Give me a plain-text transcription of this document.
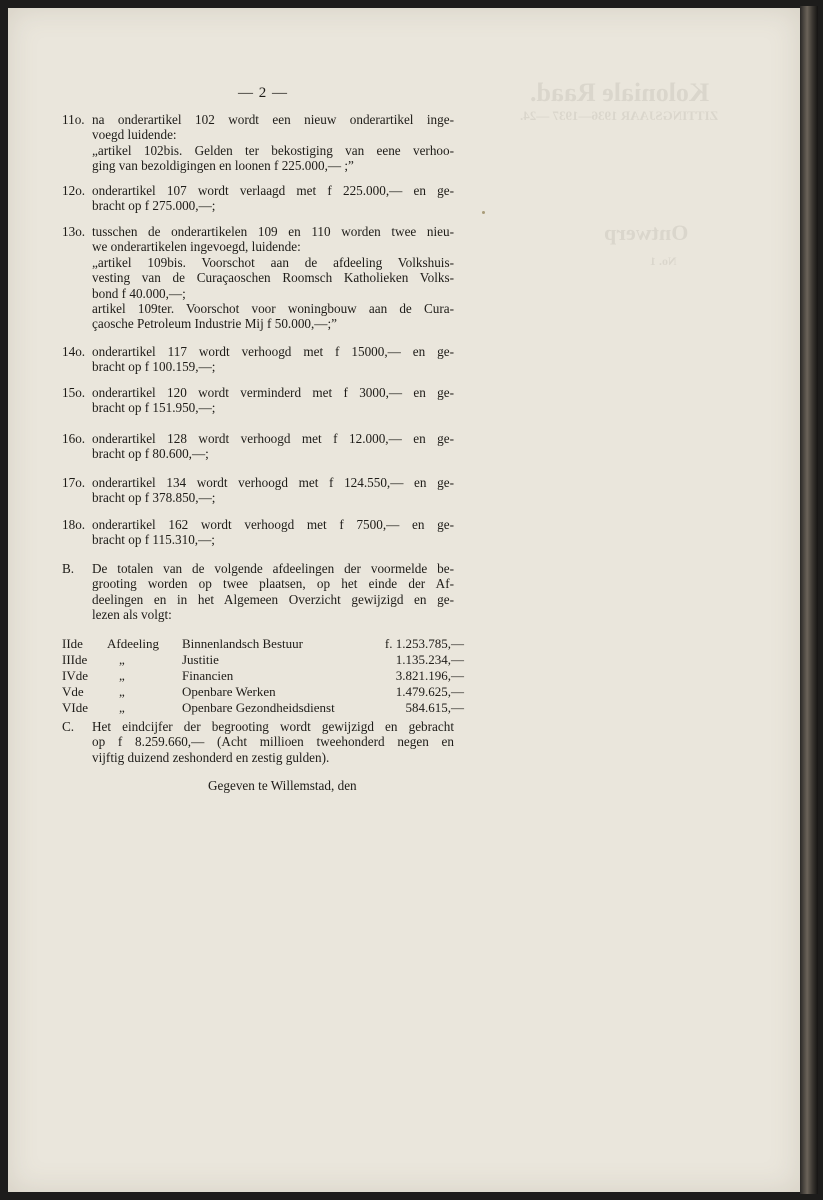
Koloniale Raad.
ZITTINGSJAAR 1936—1937 —24.
Ontwerp
No. 1
— 2 —
11o. na onderartikel 102 wordt een nieuw onderartikel inge-
voegd luidende:
„artikel 102bis. Gelden ter bekostiging van eene verhoo-
ging van bezoldigingen en loonen f 225.000,— ;”
12o. onderartikel 107 wordt verlaagd met f 225.000,— en ge-
bracht op f 275.000,—;
13o. tusschen de onderartikelen 109 en 110 worden twee nieu-
we onderartikelen ingevoegd, luidende:
„artikel 109bis. Voorschot aan de afdeeling Volkshuis-
vesting van de Curaçaoschen Roomsch Katholieken Volks-
bond f 40.000,—;
artikel 109ter. Voorschot voor woningbouw aan de Cura-
çaosche Petroleum Industrie Mij f 50.000,—;”
14o. onderartikel 117 wordt verhoogd met f 15000,— en ge-
bracht op f 100.159,—;
15o. onderartikel 120 wordt verminderd met f 3000,— en ge-
bracht op f 151.950,—;
16o. onderartikel 128 wordt verhoogd met f 12.000,— en ge-
bracht op f 80.600,—;
17o. onderartikel 134 wordt verhoogd met f 124.550,— en ge-
bracht op f 378.850,—;
18o. onderartikel 162 wordt verhoogd met f 7500,— en ge-
bracht op f 115.310,—;
B. De totalen van de volgende afdeelingen der voormelde be-
grooting worden op twee plaatsen, op het einde der Af-
deelingen en in het Algemeen Overzicht gewijzigd en ge-
lezen als volgt:
IIde	Afdeeling	Binnenlandsch Bestuur	f. 1.253.785,—
IIIde	„	Justitie	1.135.234,—
IVde	„	Financien	3.821.196,—
Vde	„	Openbare Werken	1.479.625,—
VIde	„	Openbare Gezondheidsdienst	584.615,—
C. Het eindcijfer der begrooting wordt gewijzigd en gebracht
op f 8.259.660,— (Acht millioen tweehonderd negen en
vijftig duizend zeshonderd en zestig gulden).
Gegeven te Willemstad, den
